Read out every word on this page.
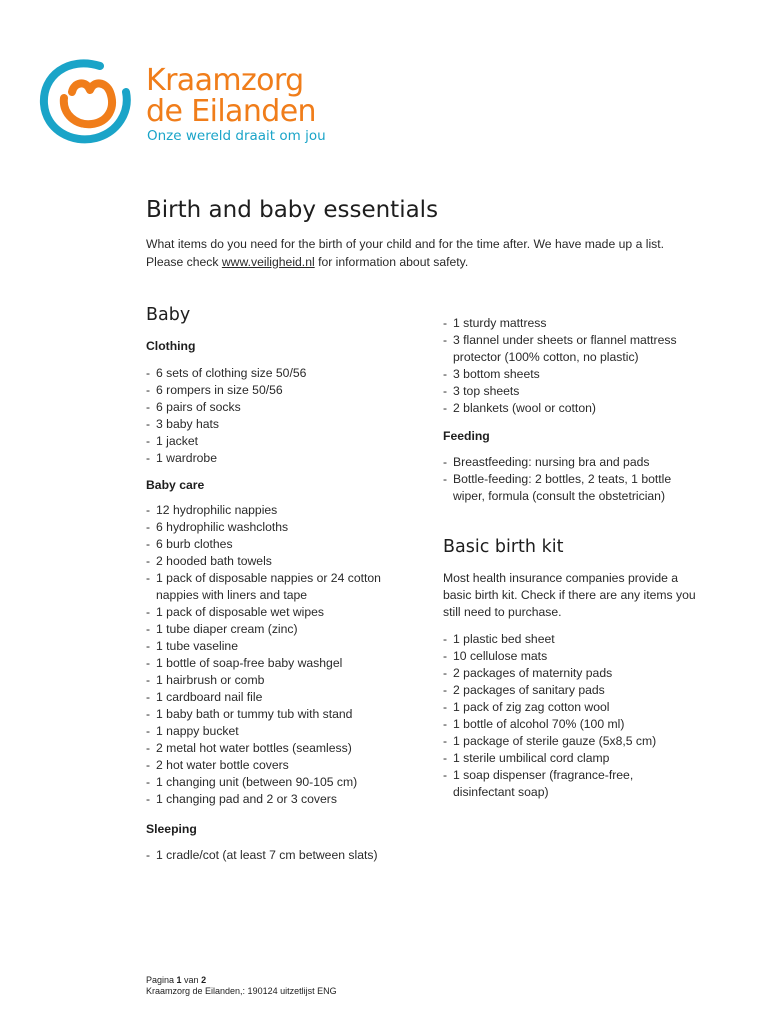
Kraamzorg
de Eilanden
Onze wereld draait om jou
Birth and baby essentials
What items do you need for the birth of your child and for the time after. We have made up a list.
Please check www.veiligheid.nl for information about safety.
Baby
Clothing
- 6 sets of clothing size 50/56
- 6 rompers in size 50/56
- 6 pairs of socks
- 3 baby hats
- 1 jacket
- 1 wardrobe
Baby care
- 12 hydrophilic nappies
- 6 hydrophilic washcloths
- 6 burb clothes
- 2 hooded bath towels
- 1 pack of disposable nappies or 24 cotton nappies with liners and tape
- 1 pack of disposable wet wipes
- 1 tube diaper cream (zinc)
- 1 tube vaseline
- 1 bottle of soap-free baby washgel
- 1 hairbrush or comb
- 1 cardboard nail file
- 1 baby bath or tummy tub with stand
- 1 nappy bucket
- 2 metal hot water bottles (seamless)
- 2 hot water bottle covers
- 1 changing unit (between 90-105 cm)
- 1 changing pad and 2 or 3 covers
Sleeping
- 1 cradle/cot (at least 7 cm between slats)
- 1 sturdy mattress
- 3 flannel under sheets or flannel mattress protector (100% cotton, no plastic)
- 3 bottom sheets
- 3 top sheets
- 2 blankets (wool or cotton)
Feeding
- Breastfeeding: nursing bra and pads
- Bottle-feeding: 2 bottles, 2 teats, 1 bottle wiper, formula (consult the obstetrician)
Basic birth kit
Most health insurance companies provide a basic birth kit. Check if there are any items you still need to purchase.
- 1 plastic bed sheet
- 10 cellulose mats
- 2 packages of maternity pads
- 2 packages of sanitary pads
- 1 pack of zig zag cotton wool
- 1 bottle of alcohol 70% (100 ml)
- 1 package of sterile gauze (5x8,5 cm)
- 1 sterile umbilical cord clamp
- 1 soap dispenser (fragrance-free, disinfectant soap)
Pagina 1 van 2
Kraamzorg de Eilanden,: 190124 uitzetlijst ENG
